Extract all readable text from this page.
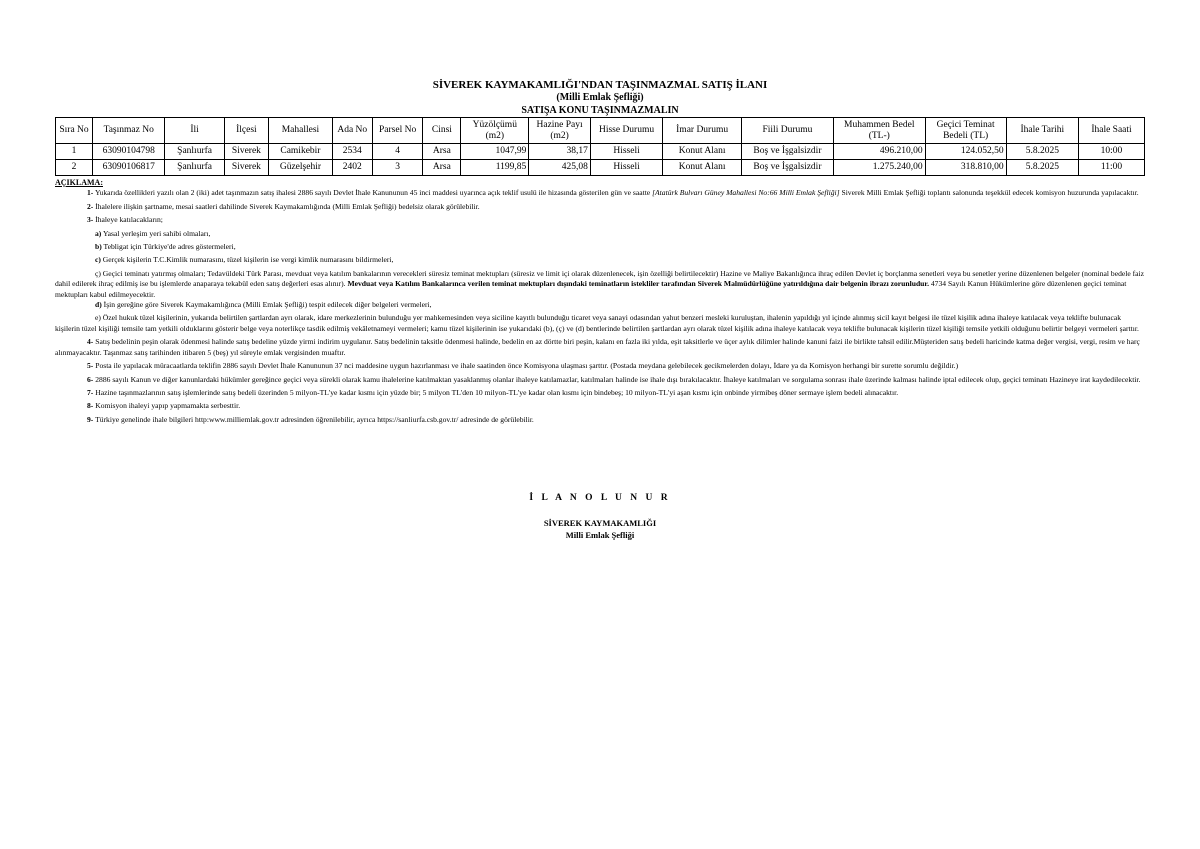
SİVEREK KAYMAKAMLIĞI'NDAN TAŞINMAZMAL SATIŞ İLANI
(Milli Emlak Şefliği)
SATIŞA KONU TAŞINMAZMALIN
Sıra No	Taşınmaz No	İli	İlçesi	Mahallesi	Ada No	Parsel No	Cinsi	Yüzölçümü (m2)	Hazine Payı (m2)	Hisse Durumu	İmar Durumu	Fiili Durumu	Muhammen Bedel (TL-)	Geçici Teminat Bedeli (TL)	İhale Tarihi	İhale Saati
1	63090104798	Şanlıurfa	Siverek	Camikebir	2534	4	Arsa	1047,99	38,17	Hisseli	Konut Alanı	Boş ve İşgalsizdir	496.210,00	124.052,50	5.8.2025	10:00
2	63090106817	Şanlıurfa	Siverek	Güzelşehir	2402	3	Arsa	1199,85	425,08	Hisseli	Konut Alanı	Boş ve İşgalsizdir	1.275.240,00	318.810,00	5.8.2025	11:00

AÇIKLAMA:

1- Yukarıda özellikleri yazılı olan 2 (iki) adet taşınmazın satış ihalesi 2886 sayılı Devlet İhale Kanununun 45 inci maddesi uyarınca açık teklif usulü ile hizasında gösterilen gün ve saatte [Atatürk Bulvarı Güney Mahallesi No:66 Milli Emlak Şefliği] Siverek Milli Emlak Şefliği toplantı salonunda teşekkül edecek komisyon huzurunda yapılacaktır.

2- İhalelere ilişkin şartname, mesai saatleri dahilinde Siverek Kaymakamlığında (Milli Emlak Şefliği) bedelsiz olarak görülebilir.

3- İhaleye katılacakların;

a) Yasal yerleşim yeri sahibi olmaları,

b) Tebligat için Türkiye'de adres göstermeleri,

c) Gerçek kişilerin T.C.Kimlik numarasını, tüzel kişilerin ise vergi kimlik numarasını bildirmeleri,

ç) Geçici teminatı yatırmış olmaları; Tedavüldeki Türk Parası, mevduat veya katılım bankalarının verecekleri süresiz teminat mektupları (süresiz ve limit içi olarak düzenlenecek, işin özelliği belirtilecektir) Hazine ve Maliye Bakanlığınca ihraç edilen Devlet iç borçlanma senetleri veya bu senetler yerine düzenlenen belgeler (nominal bedele faiz dahil edilerek ihraç edilmiş ise bu işlemlerde anaparaya tekabül eden satış değerleri esas alınır). Mevduat veya Katılım Bankalarınca verilen teminat mektupları dışındaki teminatların istekliler tarafından Siverek Malmüdürlüğüne yatırıldığına dair belgenin ibrazı zorunludur. 4734 Sayılı Kanun Hükümlerine göre düzenlenen geçici teminat mektupları kabul edilmeyecektir.

d) İşin gereğine göre Siverek Kaymakamlığınca (Milli Emlak Şefliği) tespit edilecek diğer belgeleri vermeleri,

e) Özel hukuk tüzel kişilerinin, yukarıda belirtilen şartlardan ayrı olarak, idare merkezlerinin bulunduğu yer mahkemesinden veya siciline kayıtlı bulunduğu ticaret veya sanayi odasından yahut benzeri mesleki kuruluştan, ihalenin yapıldığı yıl içinde alınmış sicil kayıt belgesi ile tüzel kişilik adına ihaleye katılacak veya teklifte bulunacak kişilerin tüzel kişiliği temsile tam yetkili olduklarını gösterir belge veya noterlikçe tasdik edilmiş vekâletnameyi vermeleri; kamu tüzel kişilerinin ise yukarıdaki (b), (ç) ve (d) bentlerinde belirtilen şartlardan ayrı olarak tüzel kişilik adına ihaleye katılacak veya teklifte bulunacak kişilerin tüzel kişiliği temsile yetkili olduğunu belirtir belgeyi vermeleri şarttır.

4- Satış bedelinin peşin olarak ödenmesi halinde satış bedeline yüzde yirmi indirim uygulanır. Satış bedelinin taksitle ödenmesi halinde, bedelin en az dörtte biri peşin, kalanı en fazla iki yılda, eşit taksitlerle ve üçer aylık dilimler halinde kanuni faizi ile birlikte tahsil edilir.Müşteriden satış bedeli haricinde katma değer vergisi, vergi, resim ve harç alınmayacaktır. Taşınmaz satış tarihinden itibaren 5 (beş) yıl süreyle emlak vergisinden muaftır.

5- Posta ile yapılacak müracaatlarda teklifin 2886 sayılı Devlet İhale Kanununun 37 nci maddesine uygun hazırlanması ve ihale saatinden önce Komisyona ulaşması şarttır. (Postada meydana gelebilecek gecikmelerden dolayı, İdare ya da Komisyon herhangi bir surette sorumlu değildir.)

6- 2886 sayılı Kanun ve diğer kanunlardaki hükümler gereğince geçici veya sürekli olarak kamu ihalelerine katılmaktan yasaklanmış olanlar ihaleye katılamazlar, katılmaları halinde ise ihale dışı bırakılacaktır. İhaleye katılmaları ve sorgulama sonrası ihale üzerinde kalması halinde iptal edilecek olup, geçici teminatı Hazineye irat kaydedilecektir.

7- Hazine taşınmazlarının satış işlemlerinde satış bedeli üzerinden 5 milyon-TL'ye kadar kısmı için yüzde bir; 5 milyon TL'den 10 milyon-TL'ye kadar olan kısmı için bindebeş; 10 milyon-TL'yi aşan kısmı için onbinde yirmibeş döner sermaye işlem bedeli alınacaktır.

8- Komisyon ihaleyi yapıp yapmamakta serbesttir.

9- Türkiye genelinde ihale bilgileri http:www.milliemlak.gov.tr adresinden öğrenilebilir, ayrıca https://sanliurfa.csb.gov.tr/ adresinde de görülebilir.

İ L A N O L U N U R
SİVEREK KAYMAKAMLIĞI
Milli Emlak Şefliği
